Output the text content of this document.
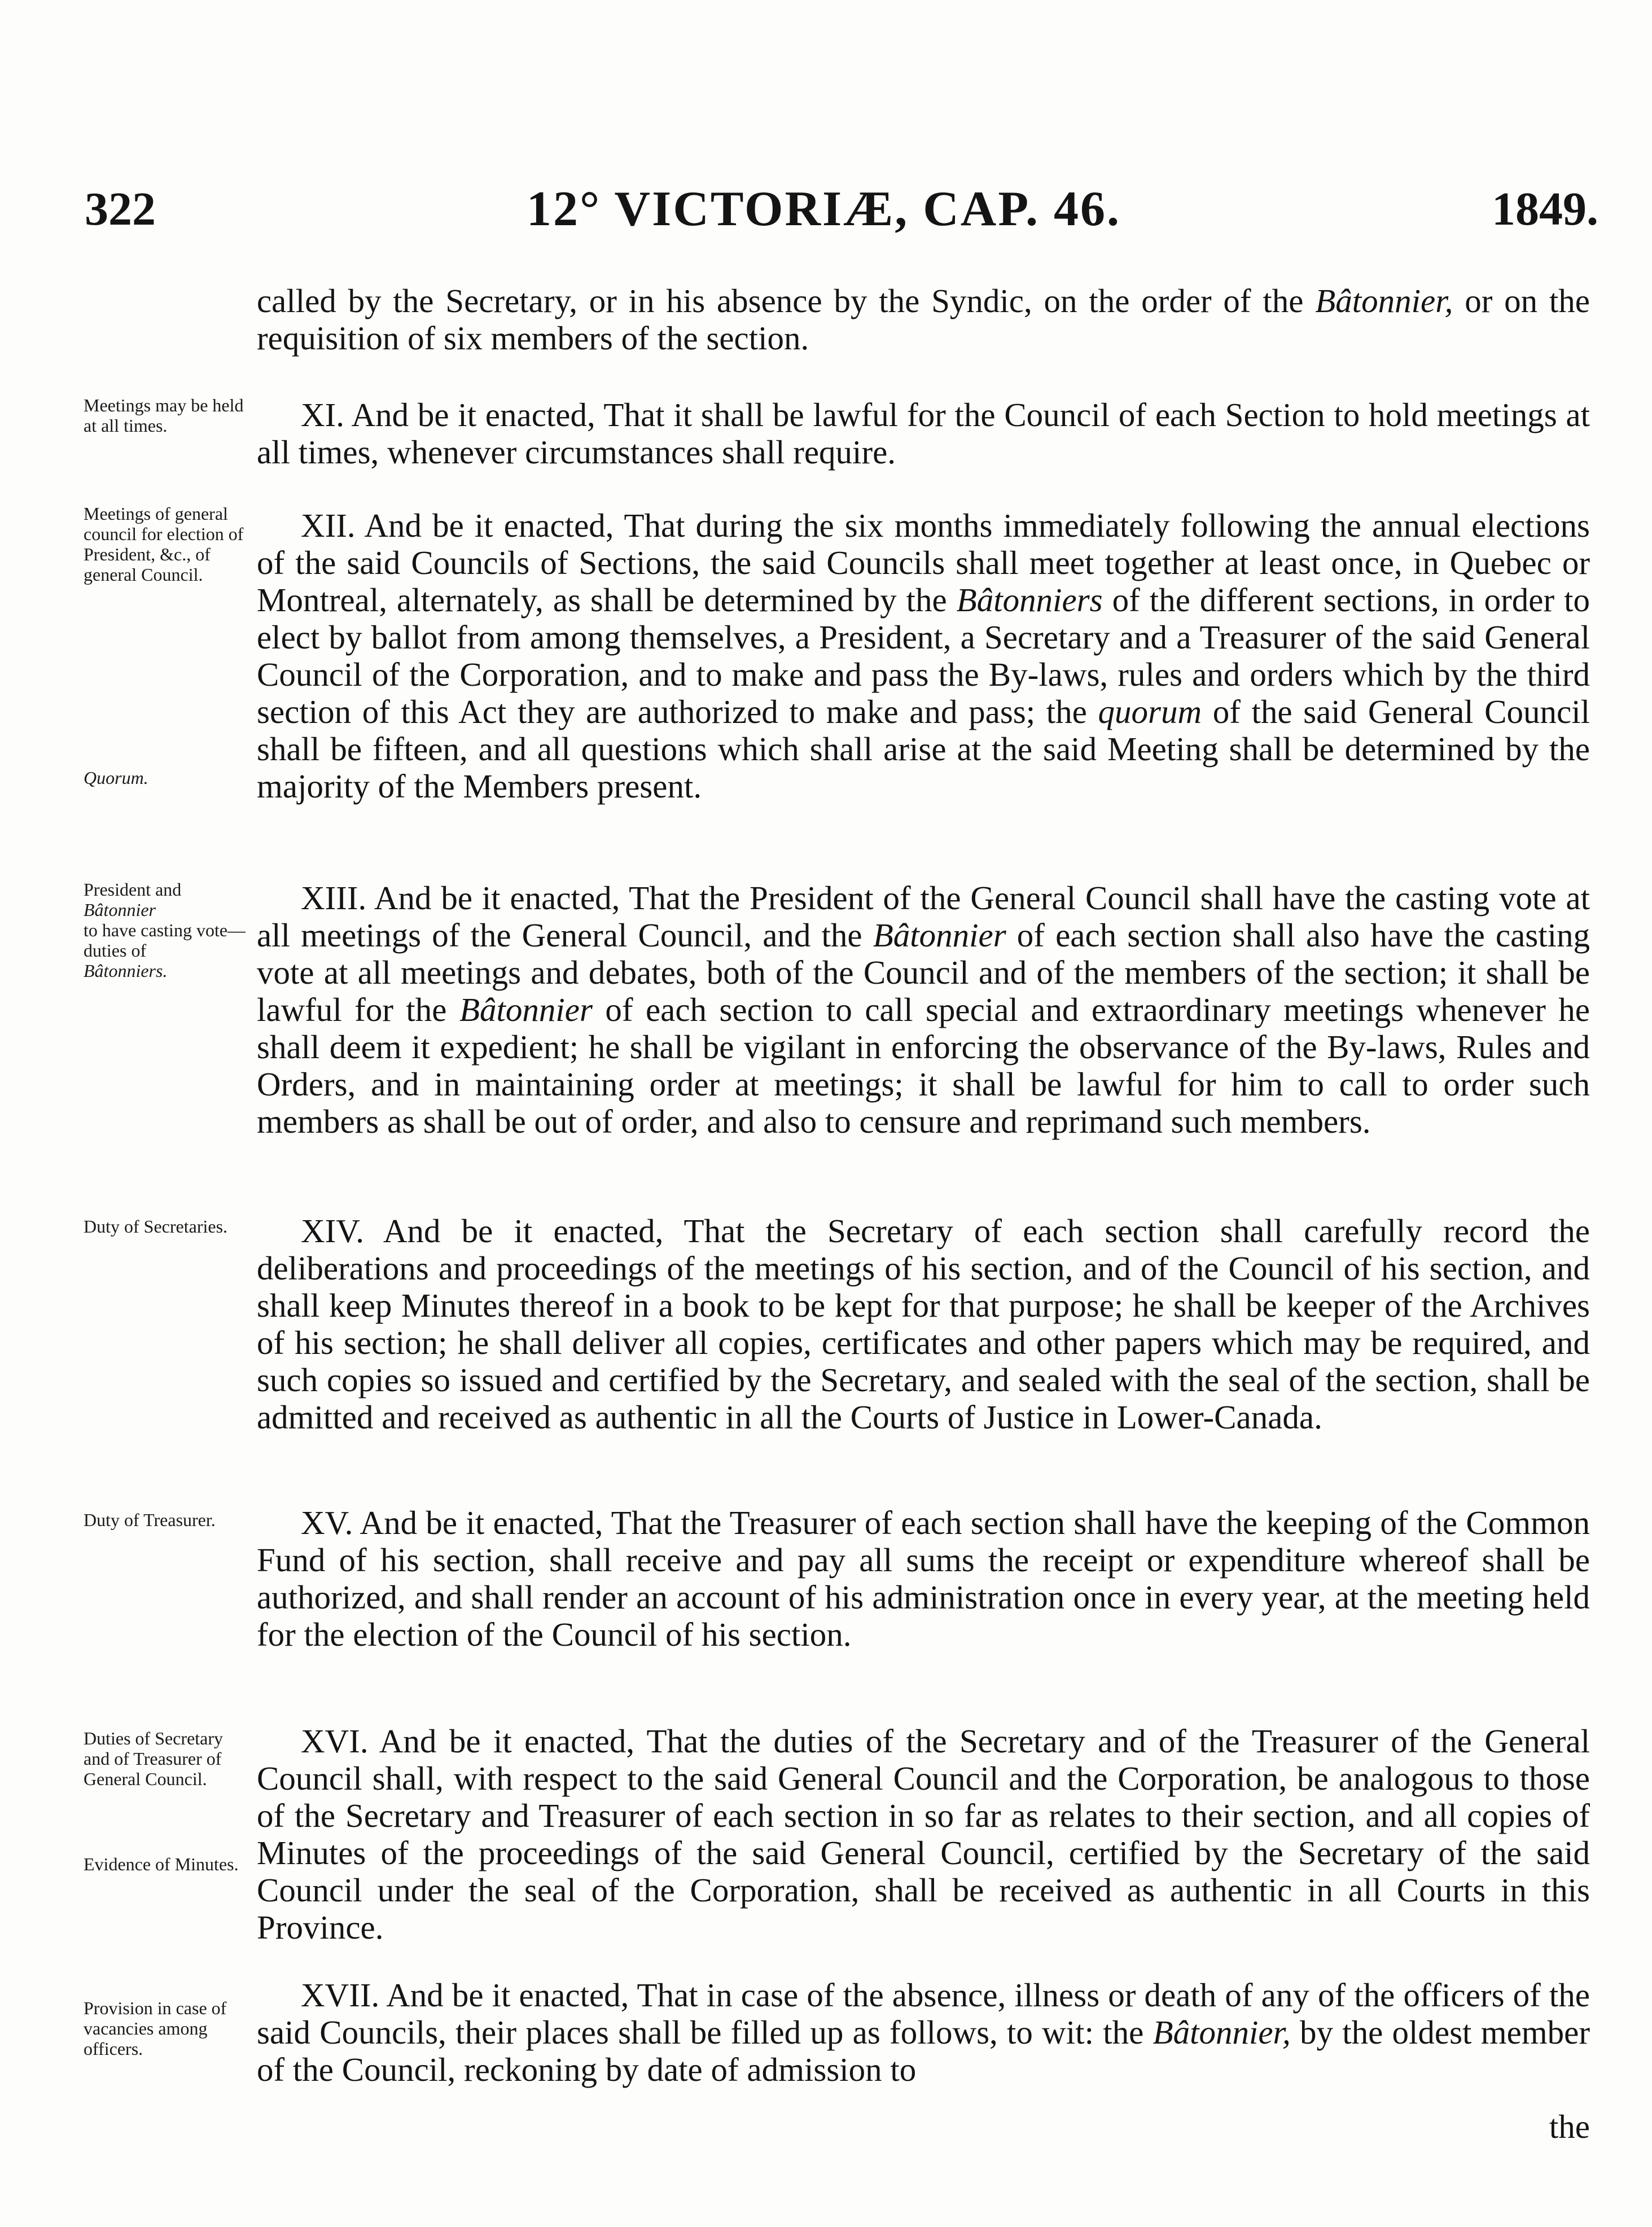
322	12° VICTORIÆ, CAP. 46.	1849.

called by the Secretary, or in his absence by the Syndic, on the order of the Bâtonnier, or on the requisition of six members of the section.

Meetings may be held at all times.	XI. And be it enacted, That it shall be lawful for the Council of each Section to hold meetings at all times, whenever circumstances shall require.

Meetings of general council for election of President, &c., of general Council.
Quorum.

XII. And be it enacted, That during the six months immediately following the annual elections of the said Councils of Sections, the said Councils shall meet together at least once, in Quebec or Montreal, alternately, as shall be determined by the Bâtonniers of the different sections, in order to elect by ballot from among themselves, a President, a Secretary and a Treasurer of the said General Council of the Corporation, and to make and pass the By-laws, rules and orders which by the third section of this Act they are authorized to make and pass; the quorum of the said General Council shall be fifteen, and all questions which shall arise at the said Meeting shall be determined by the majority of the Members present.

President and
Bâtonnier
to have casting vote—duties of
Bâtonniers.

XIII. And be it enacted, That the President of the General Council shall have the casting vote at all meetings of the General Council, and the Bâtonnier of each section shall also have the casting vote at all meetings and debates, both of the Council and of the members of the section; it shall be lawful for the Bâtonnier of each section to call special and extraordinary meetings whenever he shall deem it expedient; he shall be vigilant in enforcing the observance of the By-laws, Rules and Orders, and in maintaining order at meetings; it shall be lawful for him to call to order such members as shall be out of order, and also to censure and reprimand such members.

Duty of Secretaries.	XIV. And be it enacted, That the Secretary of each section shall carefully record the deliberations and proceedings of the meetings of his section, and of the Council of his section, and shall keep Minutes thereof in a book to be kept for that purpose; he shall be keeper of the Archives of his section; he shall deliver all copies, certificates and other papers which may be required, and such copies so issued and certified by the Secretary, and sealed with the seal of the section, shall be admitted and received as authentic in all the Courts of Justice in Lower-Canada.

Duty of Treasurer.	XV. And be it enacted, That the Treasurer of each section shall have the keeping of the Common Fund of his section, shall receive and pay all sums the receipt or expenditure whereof shall be authorized, and shall render an account of his administration once in every year, at the meeting held for the election of the Council of his section.

Duties of Secretary and of Treasurer of General Council.
Evidence of Minutes.

XVI. And be it enacted, That the duties of the Secretary and of the Treasurer of the General Council shall, with respect to the said General Council and the Corporation, be analogous to those of the Secretary and Treasurer of each section in so far as relates to their section, and all copies of Minutes of the proceedings of the said General Council, certified by the Secretary of the said Council under the seal of the Corporation, shall be received as authentic in all Courts in this Province.

Provision in case of vacancies among officers.

XVII. And be it enacted, That in case of the absence, illness or death of any of the officers of the said Councils, their places shall be filled up as follows, to wit: the Bâtonnier, by the oldest member of the Council, reckoning by date of admission to

the
